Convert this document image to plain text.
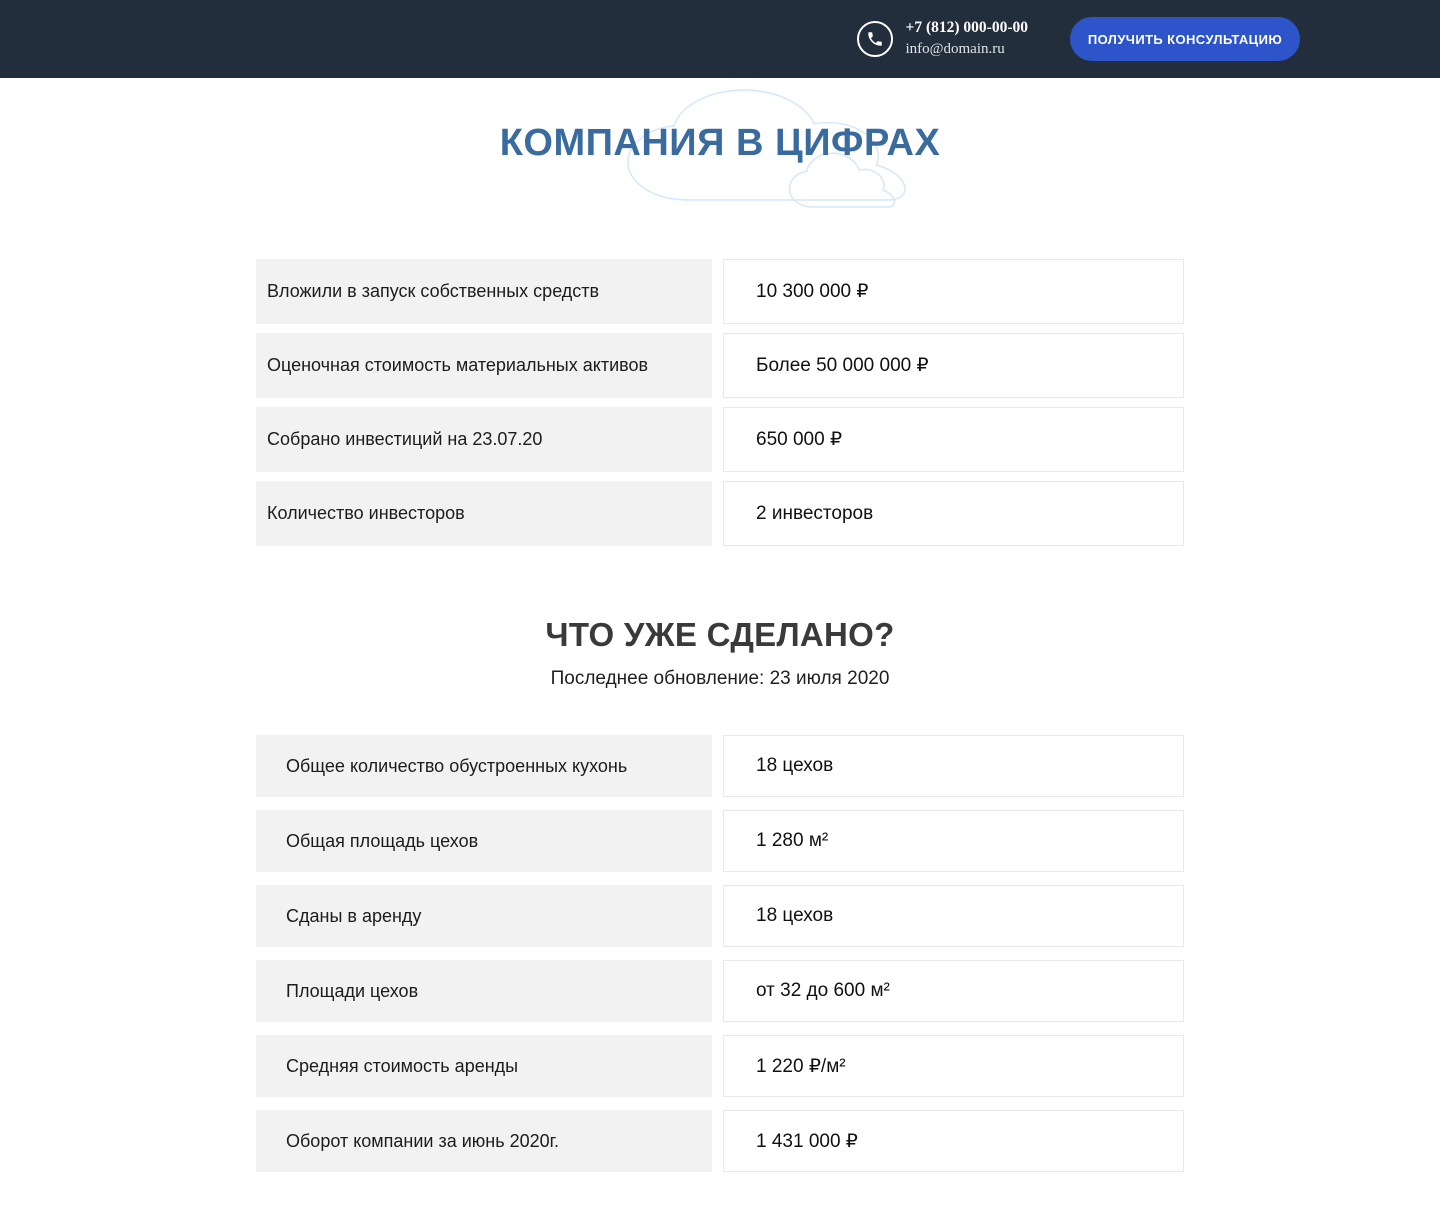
+7 (812) 000-00-00
info@domain.ru
ПОЛУЧИТЬ КОНСУЛЬТАЦИЮ
КОМПАНИЯ В ЦИФРАХ
Вложили в запуск собственных средств	10 300 000 ₽
Оценочная стоимость материальных активов	Более 50 000 000 ₽
Собрано инвестиций на 23.07.20	650 000 ₽
Количество инвесторов	2 инвесторов
ЧТО УЖЕ СДЕЛАНО?
Последнее обновление: 23 июля 2020
Общее количество обустроенных кухонь	18 цехов
Общая площадь цехов	1 280 м²
Сданы в аренду	18 цехов
Площади цехов	от 32 до 600 м²
Средняя стоимость аренды	1 220 ₽/м²
Оборот компании за июнь 2020г.	1 431 000 ₽
